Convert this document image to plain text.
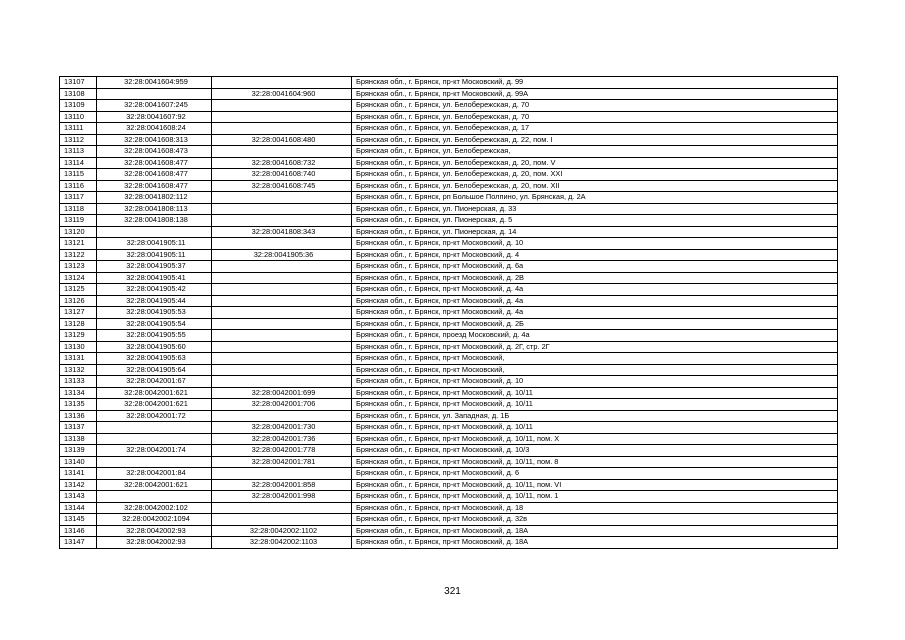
13107	32:28:0041604:959		Брянская обл., г. Брянск, пр-кт Московский, д. 99
13108		32:28:0041604:960	Брянская обл., г. Брянск, пр-кт Московский, д. 99А
13109	32:28:0041607:245		Брянская обл., г. Брянск, ул. Белобережская, д. 70
13110	32:28:0041607:92		Брянская обл., г. Брянск, ул. Белобережская, д. 70
13111	32:28:0041608:24		Брянская обл., г. Брянск, ул. Белобережская, д. 17
13112	32:28:0041608:313	32:28:0041608:480	Брянская обл., г. Брянск, ул. Белобережская, д. 22, пом. I
13113	32:28:0041608:473		Брянская обл., г. Брянск, ул. Белобережская,
13114	32:28:0041608:477	32:28:0041608:732	Брянская обл., г. Брянск, ул. Белобережская, д. 20, пом. V
13115	32:28:0041608:477	32:28:0041608:740	Брянская обл., г. Брянск, ул. Белобережская, д. 20, пом. XXI
13116	32:28:0041608:477	32:28:0041608:745	Брянская обл., г. Брянск, ул. Белобережская, д. 20, пом. XII
13117	32:28:0041802:112		Брянская обл., г. Брянск, рп Большое Полпино, ул. Брянская, д. 2А
13118	32:28:0041808:113		Брянская обл., г. Брянск, ул. Пионерская, д. 33
13119	32:28:0041808:138		Брянская обл., г. Брянск, ул. Пионерская, д. 5
13120		32:28:0041808:343	Брянская обл., г. Брянск, ул. Пионерская, д. 14
13121	32:28:0041905:11		Брянская обл., г. Брянск, пр-кт Московский, д. 10
13122	32:28:0041905:11	32:28:0041905:36	Брянская обл., г. Брянск, пр-кт Московский, д. 4
13123	32:28:0041905:37		Брянская обл., г. Брянск, пр-кт Московский, д. 6а
13124	32:28:0041905:41		Брянская обл., г. Брянск, пр-кт Московский, д. 2В
13125	32:28:0041905:42		Брянская обл., г. Брянск, пр-кт Московский, д. 4а
13126	32:28:0041905:44		Брянская обл., г. Брянск, пр-кт Московский, д. 4а
13127	32:28:0041905:53		Брянская обл., г. Брянск, пр-кт Московский, д. 4а
13128	32:28:0041905:54		Брянская обл., г. Брянск, пр-кт Московский, д. 2Б
13129	32:28:0041905:55		Брянская обл., г. Брянск, проезд Московский, д. 4а
13130	32:28:0041905:60		Брянская обл., г. Брянск, пр-кт Московский, д. 2Г, стр. 2Г
13131	32:28:0041905:63		Брянская обл., г. Брянск, пр-кт Московский,
13132	32:28:0041905:64		Брянская обл., г. Брянск, пр-кт Московский,
13133	32:28:0042001:67		Брянская обл., г. Брянск, пр-кт Московский, д. 10
13134	32:28:0042001:621	32:28:0042001:699	Брянская обл., г. Брянск, пр-кт Московский, д. 10/11
13135	32:28:0042001:621	32:28:0042001:706	Брянская обл., г. Брянск, пр-кт Московский, д. 10/11
13136	32:28:0042001:72		Брянская обл., г. Брянск, ул. Западная, д. 1Б
13137		32:28:0042001:730	Брянская обл., г. Брянск, пр-кт Московский, д. 10/11
13138		32:28:0042001:736	Брянская обл., г. Брянск, пр-кт Московский, д. 10/11, пом. X
13139	32:28:0042001:74	32:28:0042001:778	Брянская обл., г. Брянск, пр-кт Московский, д. 10/3
13140		32:28:0042001:781	Брянская обл., г. Брянск, пр-кт Московский, д. 10/11, пом. 8
13141	32:28:0042001:84		Брянская обл., г. Брянск, пр-кт Московский, д. 6
13142	32:28:0042001:621	32:28:0042001:858	Брянская обл., г. Брянск, пр-кт Московский, д. 10/11, пом. VI
13143		32:28:0042001:998	Брянская обл., г. Брянск, пр-кт Московский, д. 10/11, пом. 1
13144	32:28:0042002:102		Брянская обл., г. Брянск, пр-кт Московский, д. 18
13145	32:28:0042002:1094		Брянская обл., г. Брянск, пр-кт Московский, д. 32в
13146	32:28:0042002:93	32:28:0042002:1102	Брянская обл., г. Брянск, пр-кт Московский, д. 18А
13147	32:28:0042002:93	32:28:0042002:1103	Брянская обл., г. Брянск, пр-кт Московский, д. 18А
321
